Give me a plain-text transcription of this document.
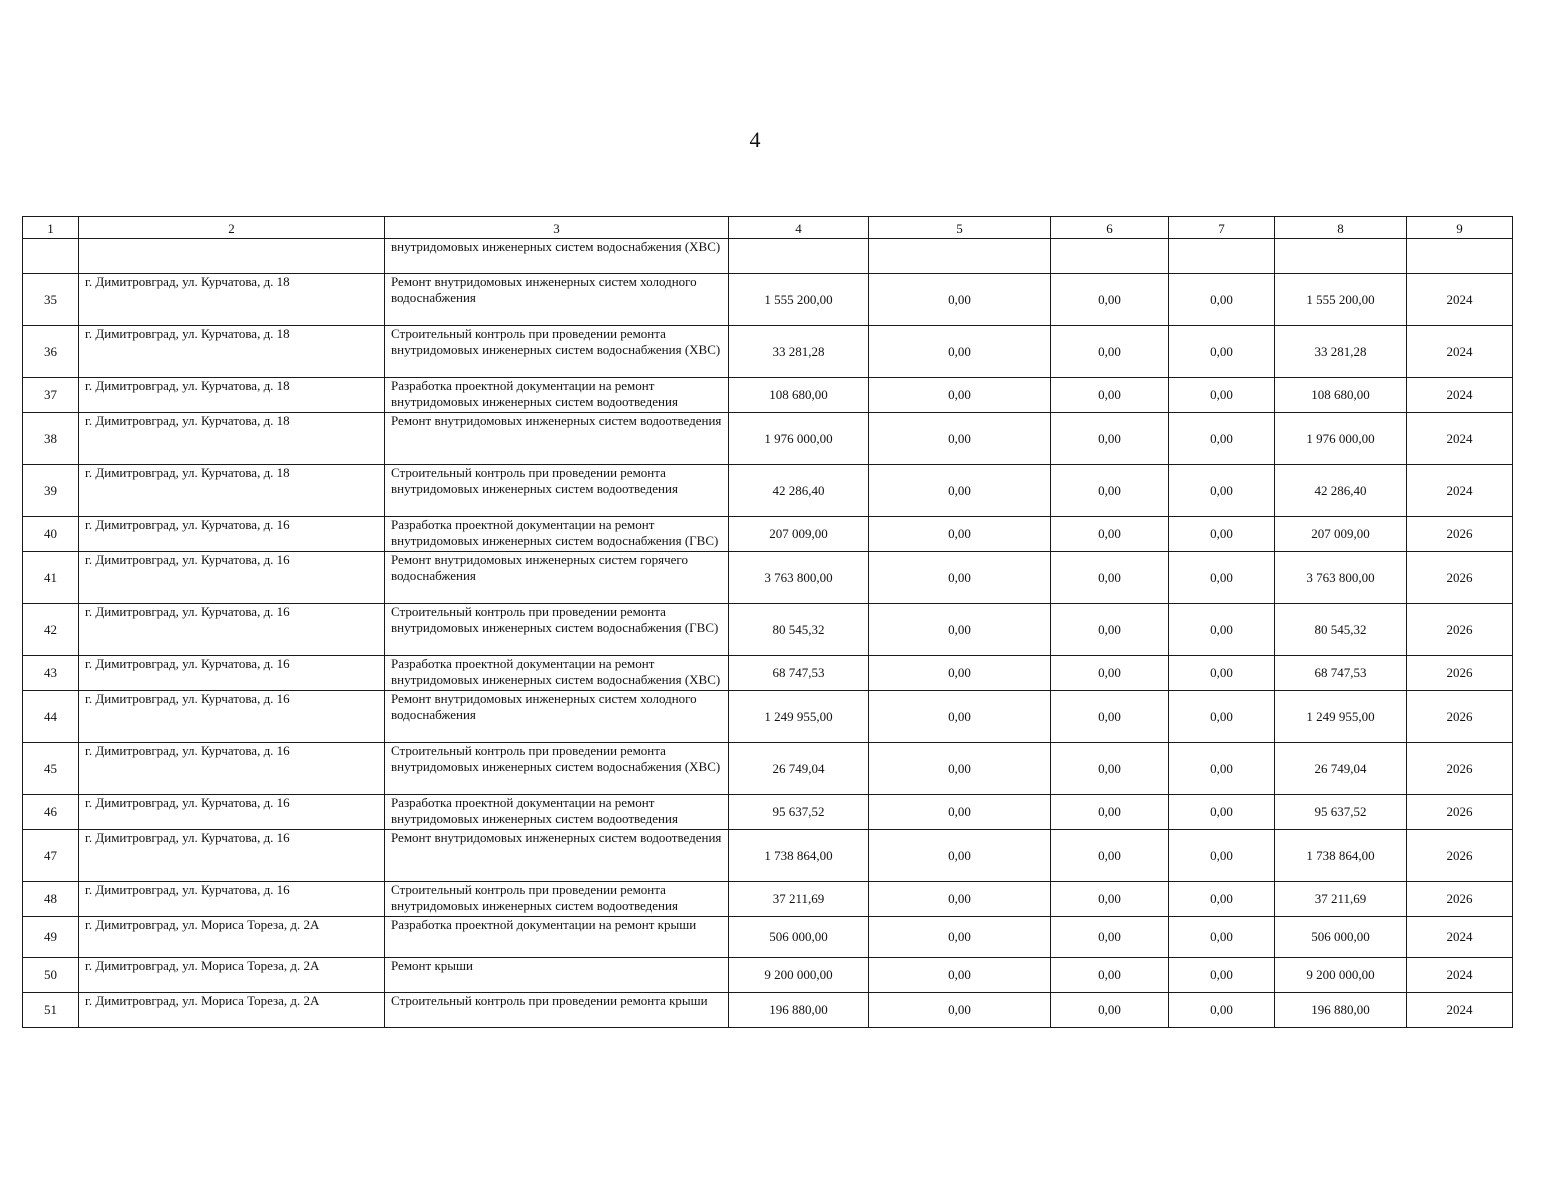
4
1	2	3	4	5	6	7	8	9
		внутридомовых инженерных систем водоснабжения (ХВС)						
35	г. Димитровград, ул. Курчатова, д. 18	Ремонт внутридомовых инженерных систем холодного водоснабжения	1 555 200,00	0,00	0,00	0,00	1 555 200,00	2024
36	г. Димитровград, ул. Курчатова, д. 18	Строительный контроль при проведении ремонта внутридомовых инженерных систем водоснабжения (ХВС)	33 281,28	0,00	0,00	0,00	33 281,28	2024
37	г. Димитровград, ул. Курчатова, д. 18	Разработка проектной документации на ремонт внутридомовых инженерных систем водоотведения	108 680,00	0,00	0,00	0,00	108 680,00	2024
38	г. Димитровград, ул. Курчатова, д. 18	Ремонт внутридомовых инженерных систем водоотведения	1 976 000,00	0,00	0,00	0,00	1 976 000,00	2024
39	г. Димитровград, ул. Курчатова, д. 18	Строительный контроль при проведении ремонта внутридомовых инженерных систем водоотведения	42 286,40	0,00	0,00	0,00	42 286,40	2024
40	г. Димитровград, ул. Курчатова, д. 16	Разработка проектной документации на ремонт внутридомовых инженерных систем водоснабжения (ГВС)	207 009,00	0,00	0,00	0,00	207 009,00	2026
41	г. Димитровград, ул. Курчатова, д. 16	Ремонт внутридомовых инженерных систем горячего водоснабжения	3 763 800,00	0,00	0,00	0,00	3 763 800,00	2026
42	г. Димитровград, ул. Курчатова, д. 16	Строительный контроль при проведении ремонта внутридомовых инженерных систем водоснабжения (ГВС)	80 545,32	0,00	0,00	0,00	80 545,32	2026
43	г. Димитровград, ул. Курчатова, д. 16	Разработка проектной документации на ремонт внутридомовых инженерных систем водоснабжения (ХВС)	68 747,53	0,00	0,00	0,00	68 747,53	2026
44	г. Димитровград, ул. Курчатова, д. 16	Ремонт внутридомовых инженерных систем холодного водоснабжения	1 249 955,00	0,00	0,00	0,00	1 249 955,00	2026
45	г. Димитровград, ул. Курчатова, д. 16	Строительный контроль при проведении ремонта внутридомовых инженерных систем водоснабжения (ХВС)	26 749,04	0,00	0,00	0,00	26 749,04	2026
46	г. Димитровград, ул. Курчатова, д. 16	Разработка проектной документации на ремонт внутридомовых инженерных систем водоотведения	95 637,52	0,00	0,00	0,00	95 637,52	2026
47	г. Димитровград, ул. Курчатова, д. 16	Ремонт внутридомовых инженерных систем водоотведения	1 738 864,00	0,00	0,00	0,00	1 738 864,00	2026
48	г. Димитровград, ул. Курчатова, д. 16	Строительный контроль при проведении ремонта внутридомовых инженерных систем водоотведения	37 211,69	0,00	0,00	0,00	37 211,69	2026
49	г. Димитровград, ул. Мориса Тореза, д. 2А	Разработка проектной документации на ремонт крыши	506 000,00	0,00	0,00	0,00	506 000,00	2024
50	г. Димитровград, ул. Мориса Тореза, д. 2А	Ремонт крыши	9 200 000,00	0,00	0,00	0,00	9 200 000,00	2024
51	г. Димитровград, ул. Мориса Тореза, д. 2А	Строительный контроль при проведении ремонта крыши	196 880,00	0,00	0,00	0,00	196 880,00	2024
